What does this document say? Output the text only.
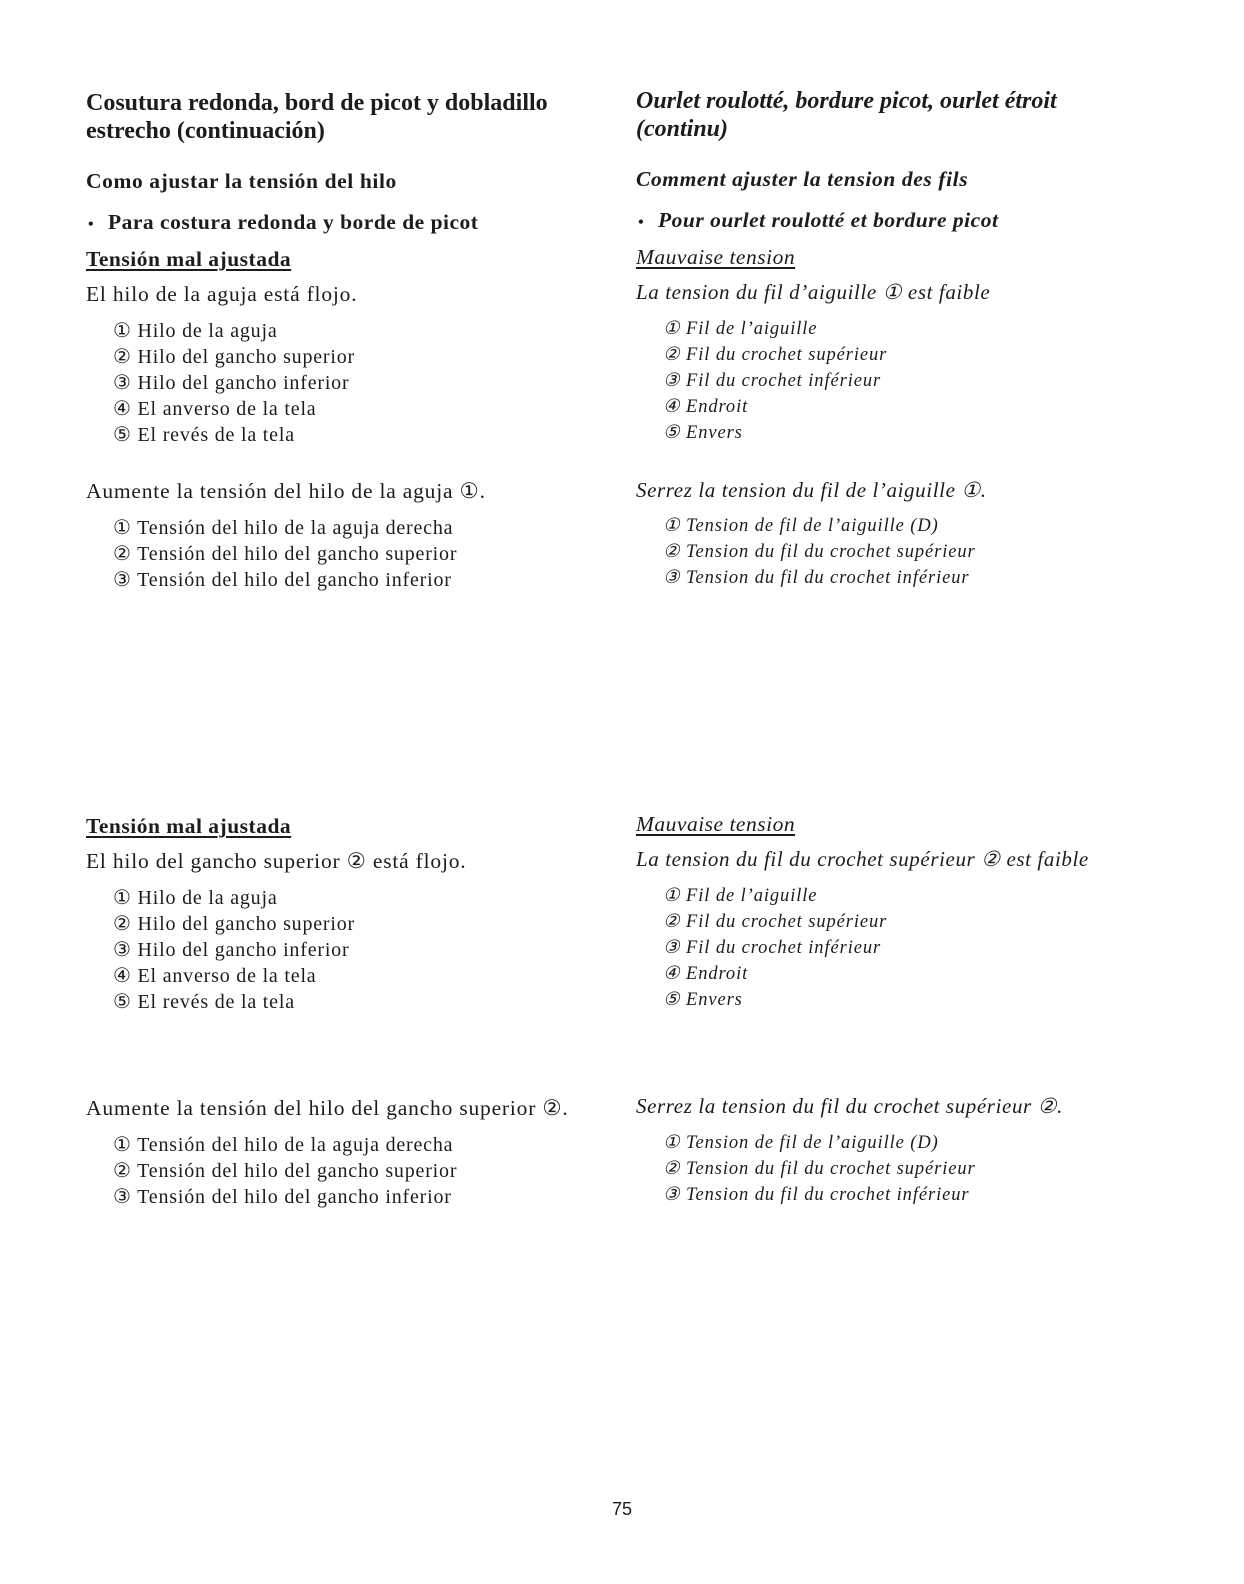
Cosutura redonda, bord de picot y dobladillo estrecho (continuación)
Como ajustar la tensión del hilo
• Para costura redonda y borde de picot
Tensión mal ajustada
El hilo de la aguja está flojo.
① Hilo de la aguja
② Hilo del gancho superior
③ Hilo del gancho inferior
④ El anverso de la tela
⑤ El revés de la tela
Aumente la tensión del hilo de la aguja ①.
① Tensión del hilo de la aguja derecha
② Tensión del hilo del gancho superior
③ Tensión del hilo del gancho inferior
Tensión mal ajustada
El hilo del gancho superior ② está flojo.
① Hilo de la aguja
② Hilo del gancho superior
③ Hilo del gancho inferior
④ El anverso de la tela
⑤ El revés de la tela
Aumente la tensión del hilo del gancho superior ②.
① Tensión del hilo de la aguja derecha
② Tensión del hilo del gancho superior
③ Tensión del hilo del gancho inferior
Ourlet roulotté, bordure picot, ourlet étroit (continu)
Comment ajuster la tension des fils
• Pour ourlet roulotté et bordure picot
Mauvaise tension
La tension du fil d’aiguille ① est faible
① Fil de l’aiguille
② Fil du crochet supérieur
③ Fil du crochet inférieur
④ Endroit
⑤ Envers
Serrez la tension du fil de l’aiguille ①.
① Tension de fil de l’aiguille (D)
② Tension du fil du crochet supérieur
③ Tension du fil du crochet inférieur
Mauvaise tension
La tension du fil du crochet supérieur ② est faible
① Fil de l’aiguille
② Fil du crochet supérieur
③ Fil du crochet inférieur
④ Endroit
⑤ Envers
Serrez la tension du fil du crochet supérieur ②.
① Tension de fil de l’aiguille (D)
② Tension du fil du crochet supérieur
③ Tension du fil du crochet inférieur
75
